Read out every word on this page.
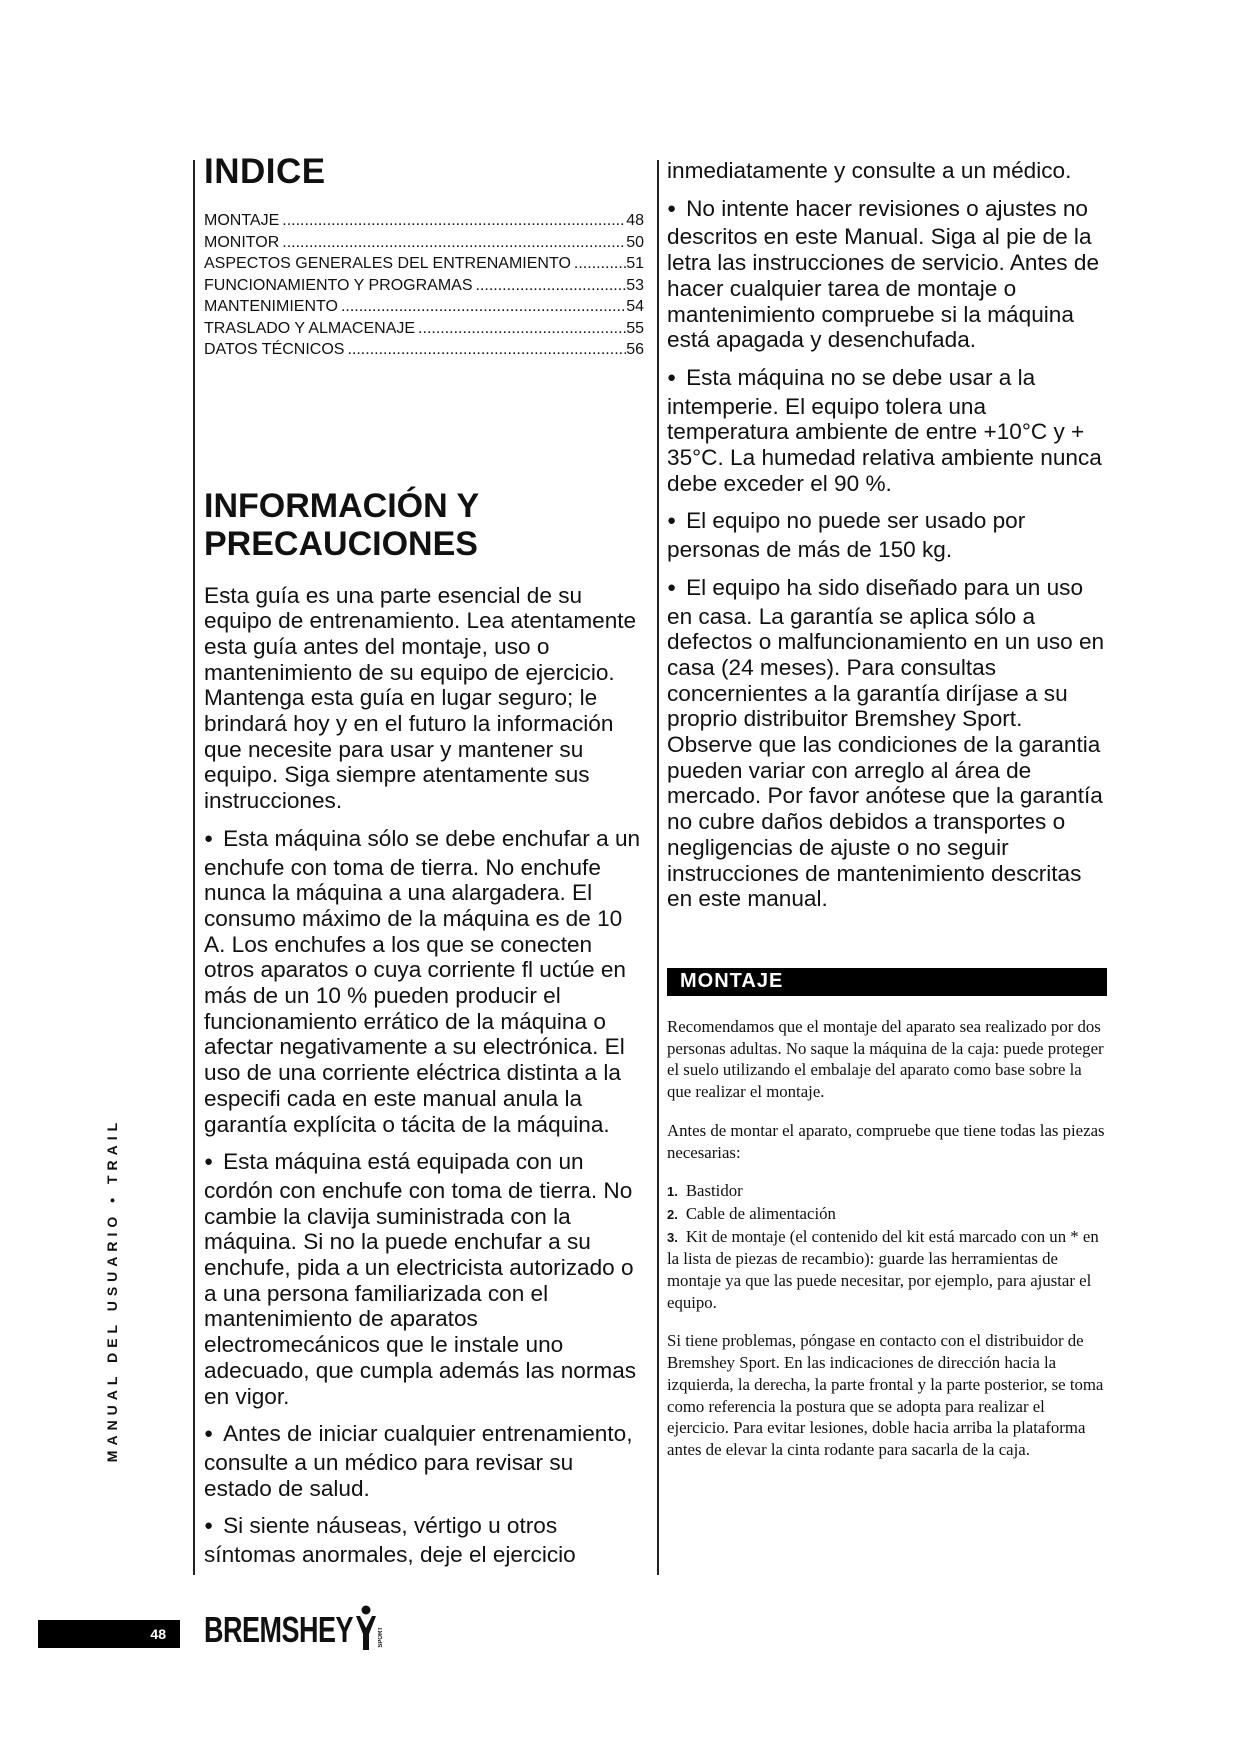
INDICE
MONTAJE .....	48
MONITOR .....	50
ASPECTOS GENERALES DEL ENTRENAMIENTO .....	51
FUNCIONAMIENTO Y PROGRAMAS .....	53
MANTENIMIENTO .....	54
TRASLADO Y ALMACENAJE .....	55
DATOS TÉCNICOS .....	56
INFORMACIÓN Y
PRECAUCIONES

Esta guía es una parte esencial de su equipo de entrenamiento. Lea atentamente esta guía antes del montaje, uso o mantenimiento de su equipo de ejercicio. Mantenga esta guía en lugar seguro; le brindará hoy y en el futuro la información que necesite para usar y mantener su equipo. Siga siempre atentamente sus instrucciones.

● Esta máquina sólo se debe enchufar a un enchufe con toma de tierra. No enchufe nunca la máquina a una alargadera. El consumo máximo de la máquina es de 10 A. Los enchufes a los que se conecten otros aparatos o cuya corriente fl uctúe en más de un 10 % pueden producir el funcionamiento errático de la máquina o afectar negativamente a su electrónica. El uso de una corriente eléctrica distinta a la especifi cada en este manual anula la garantía explícita o tácita de la máquina.

● Esta máquina está equipada con un cordón con enchufe con toma de tierra. No cambie la clavija suministrada con la máquina. Si no la puede enchufar a su enchufe, pida a un electricista autorizado o a una persona familiarizada con el mantenimiento de aparatos electromecánicos que le instale uno adecuado, que cumpla además las normas en vigor.

● Antes de iniciar cualquier entrenamiento, consulte a un médico para revisar su estado de salud.

● Si siente náuseas, vértigo u otros síntomas anormales, deje el ejercicio

inmediatamente y consulte a un médico.

● No intente hacer revisiones o ajustes no descritos en este Manual. Siga al pie de la letra las instrucciones de servicio. Antes de hacer cualquier tarea de montaje o mantenimiento compruebe si la máquina está apagada y desenchufada.

● Esta máquina no se debe usar a la intemperie. El equipo tolera una temperatura ambiente de entre +10°C y + 35°C. La humedad relativa ambiente nunca debe exceder el 90 %.

● El equipo no puede ser usado por personas de más de 150 kg.

● El equipo ha sido diseñado para un uso en casa. La garantía se aplica sólo a defectos o malfuncionamiento en un uso en casa (24 meses). Para consultas concernientes a la garantía diríjase a su proprio distribuitor Bremshey Sport. Observe que las condiciones de la garantia pueden variar con arreglo al área de mercado. Por favor anótese que la garantía no cubre daños debidos a transportes o negligencias de ajuste o no seguir instrucciones de mantenimiento descritas en este manual.

MONTAJE

Recomendamos que el montaje del aparato sea realizado por dos personas adultas. No saque la máquina de la caja: puede proteger el suelo utilizando el embalaje del aparato como base sobre la que realizar el montaje.

Antes de montar el aparato, compruebe que tiene todas las piezas necesarias:

1. Bastidor
2. Cable de alimentación
3. Kit de montaje (el contenido del kit está marcado con un * en la lista de piezas de recambio): guarde las herramientas de montaje ya que las puede necesitar, por ejemplo, para ajustar el equipo.

Si tiene problemas, póngase en contacto con el distribuidor de Bremshey Sport. En las indicaciones de dirección hacia la izquierda, la derecha, la parte frontal y la parte posterior, se toma como referencia la postura que se adopta para realizar el ejercicio. Para evitar lesiones, doble hacia arriba la plataforma antes de elevar la cinta rodante para sacarla de la caja.

MANUAL DEL USUARIO • TRAIL
48 BREMSHEY	SPORT
